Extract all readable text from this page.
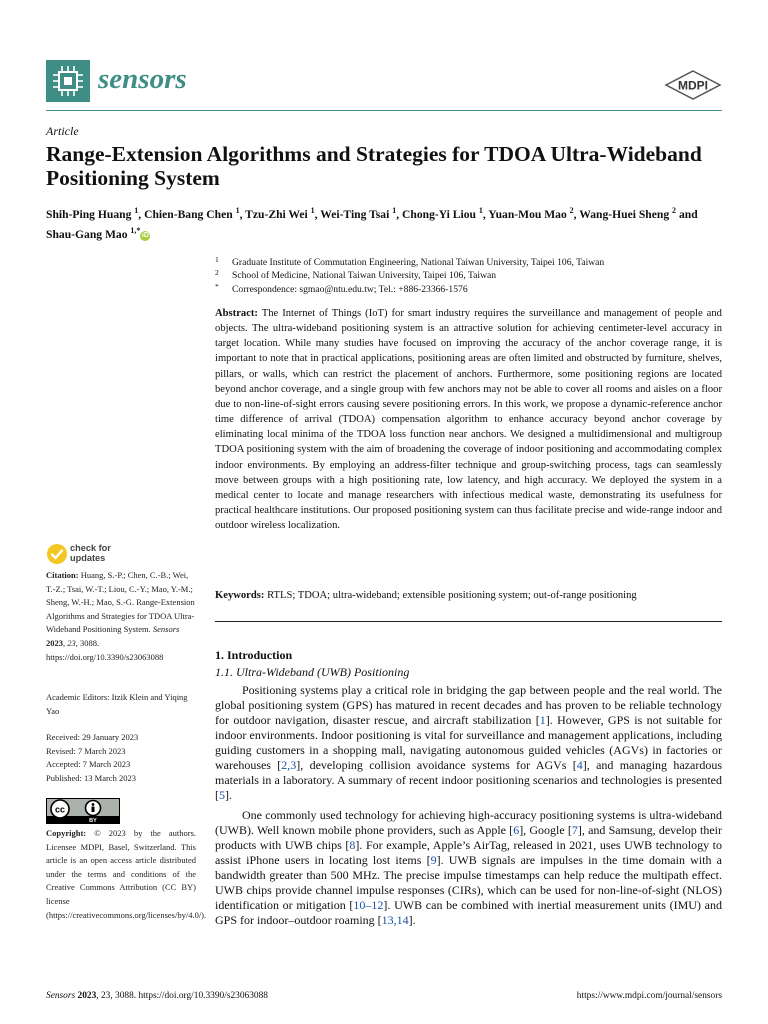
sensors	MDPI
Article
Range-Extension Algorithms and Strategies for TDOA Ultra-Wideband Positioning System
Shih-Ping Huang $^1$, Chien-Bang Chen $^1$, Tzu-Zhi Wei $^1$, Wei-Ting Tsai $^1$, Chong-Yi Liou $^1$, Yuan-Mou Mao $^2$, Wang-Huei Sheng $^2$ and Shau-Gang Mao $^{1,*}$iD
1 Graduate Institute of Commutation Engineering, National Taiwan University, Taipei 106, Taiwan
2 School of Medicine, National Taiwan University, Taipei 106, Taiwan
* Correspondence: sgmao@ntu.edu.tw; Tel.: +886-23366-1576
Abstract: The Internet of Things (IoT) for smart industry requires the surveillance and management of people and objects. The ultra-wideband positioning system is an attractive solution for achieving centimeter-level accuracy in target location. While many studies have focused on improving the accuracy of the anchor coverage range, it is important to note that in practical applications, positioning areas are often limited and obstructed by furniture, shelves, pillars, or walls, which can restrict the placement of anchors. Furthermore, some positioning regions are located beyond anchor coverage, and a single group with few anchors may not be able to cover all rooms and aisles on a floor due to non-line-of-sight errors causing severe positioning errors. In this work, we propose a dynamic-reference anchor time difference of arrival (TDOA) compensation algorithm to enhance accuracy beyond anchor coverage by eliminating local minima of the TDOA loss function near anchors. We designed a multidimensional and multigroup TDOA positioning system with the aim of broadening the coverage of indoor positioning and accommodating complex indoor environments. By employing an address-filter technique and group-switching process, tags can seamlessly move between groups with a high positioning rate, low latency, and high accuracy. We deployed the system in a medical center to locate and manage researchers with infectious medical waste, demonstrating its usefulness for practical healthcare institutions. Our proposed positioning system can thus facilitate precise and wide-range indoor and outdoor wireless localization.
Keywords: RTLS; TDOA; ultra-wideband; extensible positioning system; out-of-range positioning
1. Introduction
1.1. Ultra-Wideband (UWB) Positioning
Positioning systems play a critical role in bridging the gap between people and the real world. The global positioning system (GPS) has matured in recent decades and has proven to be reliable technology for outdoor navigation, disaster rescue, and aircraft stabilization [1]. However, GPS is not suitable for indoor environments. Indoor positioning is vital for surveillance and management applications, including guiding customers in a shopping mall, navigating autonomous guided vehicles (AGVs) in factories or warehouses [2,3], developing collision avoidance systems for AGVs [4], and managing hazardous materials in a laboratory. A summary of recent indoor positioning scenarios and technologies is presented [5].
One commonly used technology for achieving high-accuracy positioning systems is ultra-wideband (UWB). Well known mobile phone providers, such as Apple [6], Google [7], and Samsung, develop their products with UWB chips [8]. For example, Apple’s AirTag, released in 2021, uses UWB technology to assist iPhone users in locating lost items [9]. UWB signals are impulses in the time domain with a bandwidth greater than 500 MHz. The precise impulse timestamps can help reduce the multipath effect. UWB chips provide channel impulse responses (CIRs), which can be used for non-line-of-sight (NLOS) identification or mitigation [10–12]. UWB can be combined with inertial measurement units (IMU) and GPS for indoor–outdoor roaming [13,14].
check for
updates
Citation: Huang, S.-P.; Chen, C.-B.; Wei, T.-Z.; Tsai, W.-T.; Liou, C.-Y.; Mao, Y.-M.; Sheng, W.-H.; Mao, S.-G. Range-Extension Algorithms and Strategies for TDOA Ultra-Wideband Positioning System. Sensors 2023, 23, 3088. https://doi.org/10.3390/s23063088
Academic Editors: Itzik Klein and Yiqing Yao
Received: 29 January 2023
Revised: 7 March 2023
Accepted: 7 March 2023
Published: 13 March 2023
cc
BY
Copyright: © 2023 by the authors. Licensee MDPI, Basel, Switzerland. This article is an open access article distributed under the terms and conditions of the Creative Commons Attribution (CC BY) license (https://creativecommons.org/licenses/by/4.0/).
Sensors 2023, 23, 3088. https://doi.org/10.3390/s23063088	https://www.mdpi.com/journal/sensors
